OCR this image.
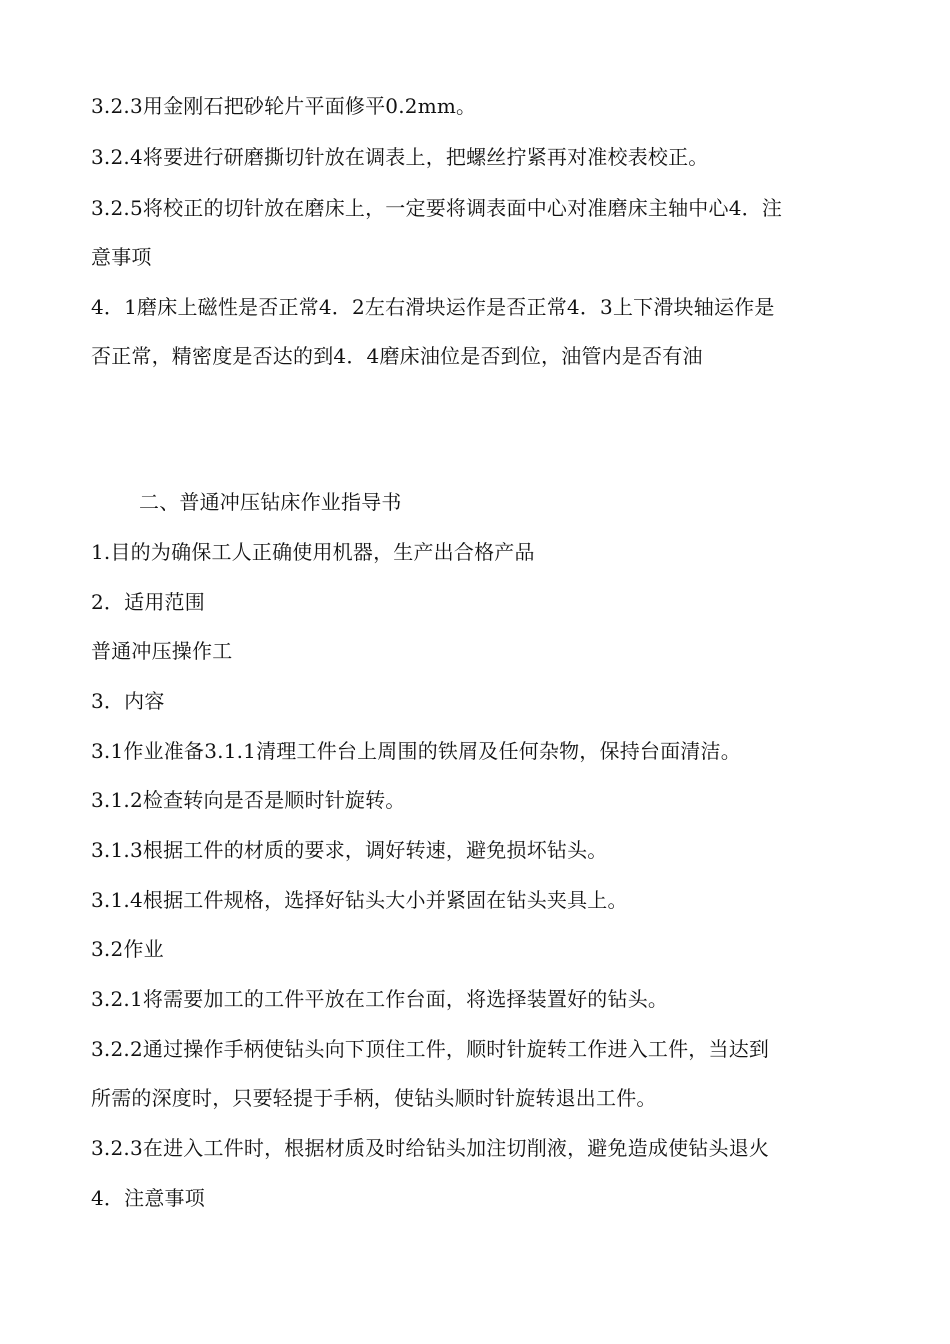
3.2.3用金刚石把砂轮片平面修平0.2mm。

3.2.4将要进行研磨撕切针放在调表上，把螺丝拧紧再对准校表校正。

3.2.5将校正的切针放在磨床上，一定要将调表面中心对准磨床主轴中心4．注

意事项

4．1磨床上磁性是否正常4．2左右滑块运作是否正常4．3上下滑块轴运作是

否正常，精密度是否达的到4．4磨床油位是否到位，油管内是否有油

二、普通冲压钻床作业指导书

1.目的为确保工人正确使用机器，生产出合格产品

2．适用范围

普通冲压操作工

3．内容

3.1作业准备3.1.1清理工件台上周围的铁屑及任何杂物，保持台面清洁。

3.1.2检查转向是否是顺时针旋转。

3.1.3根据工件的材质的要求，调好转速，避免损坏钻头。

3.1.4根据工件规格，选择好钻头大小并紧固在钻头夹具上。

3.2作业

3.2.1将需要加工的工件平放在工作台面，将选择装置好的钻头。

3.2.2通过操作手柄使钻头向下顶住工件，顺时针旋转工作进入工件，当达到

所需的深度时，只要轻提于手柄，使钻头顺时针旋转退出工件。

3.2.3在进入工件时，根据材质及时给钻头加注切削液，避免造成使钻头退火

4．注意事项
